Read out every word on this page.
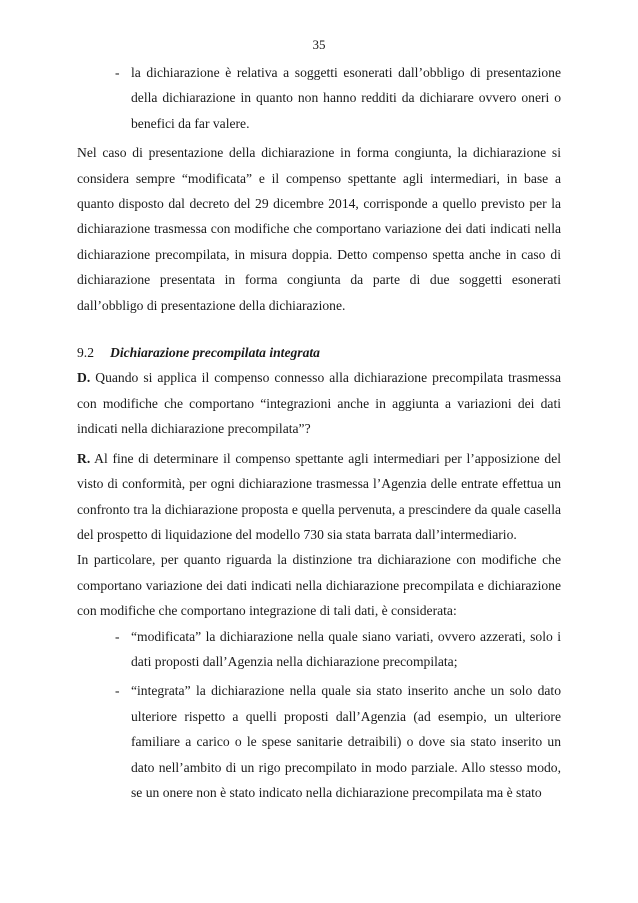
35

- la dichiarazione è relativa a soggetti esonerati dall’obbligo di presentazione della dichiarazione in quanto non hanno redditi da dichiarare ovvero oneri o benefici da far valere.

Nel caso di presentazione della dichiarazione in forma congiunta, la dichiarazione si considera sempre “modificata” e il compenso spettante agli intermediari, in base a quanto disposto dal decreto del 29 dicembre 2014, corrisponde a quello previsto per la dichiarazione trasmessa con modifiche che comportano variazione dei dati indicati nella dichiarazione precompilata, in misura doppia. Detto compenso spetta anche in caso di dichiarazione presentata in forma congiunta da parte di due soggetti esonerati dall’obbligo di presentazione della dichiarazione.

9.2 Dichiarazione precompilata integrata

D. Quando si applica il compenso connesso alla dichiarazione precompilata trasmessa con modifiche che comportano “integrazioni anche in aggiunta a variazioni dei dati indicati nella dichiarazione precompilata”?

R. Al fine di determinare il compenso spettante agli intermediari per l’apposizione del visto di conformità, per ogni dichiarazione trasmessa l’Agenzia delle entrate effettua un confronto tra la dichiarazione proposta e quella pervenuta, a prescindere da quale casella del prospetto di liquidazione del modello 730 sia stata barrata dall’intermediario.

In particolare, per quanto riguarda la distinzione tra dichiarazione con modifiche che comportano variazione dei dati indicati nella dichiarazione precompilata e dichiarazione con modifiche che comportano integrazione di tali dati, è considerata:

- “modificata” la dichiarazione nella quale siano variati, ovvero azzerati, solo i dati proposti dall’Agenzia nella dichiarazione precompilata;

- “integrata” la dichiarazione nella quale sia stato inserito anche un solo dato ulteriore rispetto a quelli proposti dall’Agenzia (ad esempio, un ulteriore familiare a carico o le spese sanitarie detraibili) o dove sia stato inserito un dato nell’ambito di un rigo precompilato in modo parziale. Allo stesso modo, se un onere non è stato indicato nella dichiarazione precompilata ma è stato
